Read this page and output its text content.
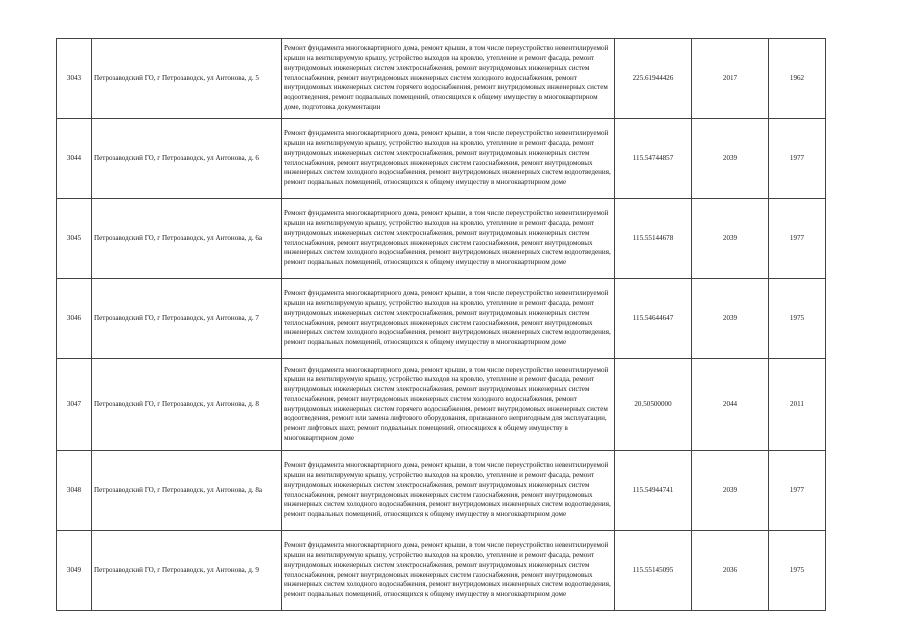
3043	Петрозаводский ГО, г Петрозаводск, ул Антонова, д. 5	Ремонт фундамента многоквартирного дома, ремонт крыши, в том числе переустройство невентилируемой крыши на вентилируемую крышу, устройство выходов на кровлю, утепление и ремонт фасада, ремонт внутридомовых инженерных систем электроснабжения, ремонт внутридомовых инженерных систем теплоснабжения, ремонт внутридомовых инженерных систем холодного водоснабжения, ремонт внутридомовых инженерных систем горячего водоснабжения, ремонт внутридомовых инженерных систем водоотведения, ремонт подвальных помещений, относящихся к общему имуществу в многоквартирном доме, подготовка документации	225.61944426	2017	1962
3044	Петрозаводский ГО, г Петрозаводск, ул Антонова, д. 6	Ремонт фундамента многоквартирного дома, ремонт крыши, в том числе переустройство невентилируемой крыши на вентилируемую крышу, устройство выходов на кровлю, утепление и ремонт фасада, ремонт внутридомовых инженерных систем электроснабжения, ремонт внутридомовых инженерных систем теплоснабжения, ремонт внутридомовых инженерных систем газоснабжения, ремонт внутридомовых инженерных систем холодного водоснабжения, ремонт внутридомовых инженерных систем водоотведения, ремонт подвальных помещений, относящихся к общему имуществу в многоквартирном доме	115.54744857	2039	1977
3045	Петрозаводский ГО, г Петрозаводск, ул Антонова, д. 6а	Ремонт фундамента многоквартирного дома, ремонт крыши, в том числе переустройство невентилируемой крыши на вентилируемую крышу, устройство выходов на кровлю, утепление и ремонт фасада, ремонт внутридомовых инженерных систем электроснабжения, ремонт внутридомовых инженерных систем теплоснабжения, ремонт внутридомовых инженерных систем газоснабжения, ремонт внутридомовых инженерных систем холодного водоснабжения, ремонт внутридомовых инженерных систем водоотведения, ремонт подвальных помещений, относящихся к общему имуществу в многоквартирном доме	115.55144678	2039	1977
3046	Петрозаводский ГО, г Петрозаводск, ул Антонова, д. 7	Ремонт фундамента многоквартирного дома, ремонт крыши, в том числе переустройство невентилируемой крыши на вентилируемую крышу, устройство выходов на кровлю, утепление и ремонт фасада, ремонт внутридомовых инженерных систем электроснабжения, ремонт внутридомовых инженерных систем теплоснабжения, ремонт внутридомовых инженерных систем газоснабжения, ремонт внутридомовых инженерных систем холодного водоснабжения, ремонт внутридомовых инженерных систем водоотведения, ремонт подвальных помещений, относящихся к общему имуществу в многоквартирном доме	115.54644647	2039	1975
3047	Петрозаводский ГО, г Петрозаводск, ул Антонова, д. 8	Ремонт фундамента многоквартирного дома, ремонт крыши, в том числе переустройство невентилируемой крыши на вентилируемую крышу, устройство выходов на кровлю, утепление и ремонт фасада, ремонт внутридомовых инженерных систем электроснабжения, ремонт внутридомовых инженерных систем теплоснабжения, ремонт внутридомовых инженерных систем холодного водоснабжения, ремонт внутридомовых инженерных систем горячего водоснабжения, ремонт внутридомовых инженерных систем водоотведения, ремонт или замена лифтового оборудования, признанного непригодным для эксплуатации, ремонт лифтовых шахт, ремонт подвальных помещений, относящихся к общему имуществу в многоквартирном доме	20.50500000	2044	2011
3048	Петрозаводский ГО, г Петрозаводск, ул Антонова, д. 8а	Ремонт фундамента многоквартирного дома, ремонт крыши, в том числе переустройство невентилируемой крыши на вентилируемую крышу, устройство выходов на кровлю, утепление и ремонт фасада, ремонт внутридомовых инженерных систем электроснабжения, ремонт внутридомовых инженерных систем теплоснабжения, ремонт внутридомовых инженерных систем газоснабжения, ремонт внутридомовых инженерных систем холодного водоснабжения, ремонт внутридомовых инженерных систем водоотведения, ремонт подвальных помещений, относящихся к общему имуществу в многоквартирном доме	115.54944741	2039	1977
3049	Петрозаводский ГО, г Петрозаводск, ул Антонова, д. 9	Ремонт фундамента многоквартирного дома, ремонт крыши, в том числе переустройство невентилируемой крыши на вентилируемую крышу, устройство выходов на кровлю, утепление и ремонт фасада, ремонт внутридомовых инженерных систем электроснабжения, ремонт внутридомовых инженерных систем теплоснабжения, ремонт внутридомовых инженерных систем газоснабжения, ремонт внутридомовых инженерных систем холодного водоснабжения, ремонт внутридомовых инженерных систем водоотведения, ремонт подвальных помещений, относящихся к общему имуществу в многоквартирном доме	115.55145095	2036	1975
